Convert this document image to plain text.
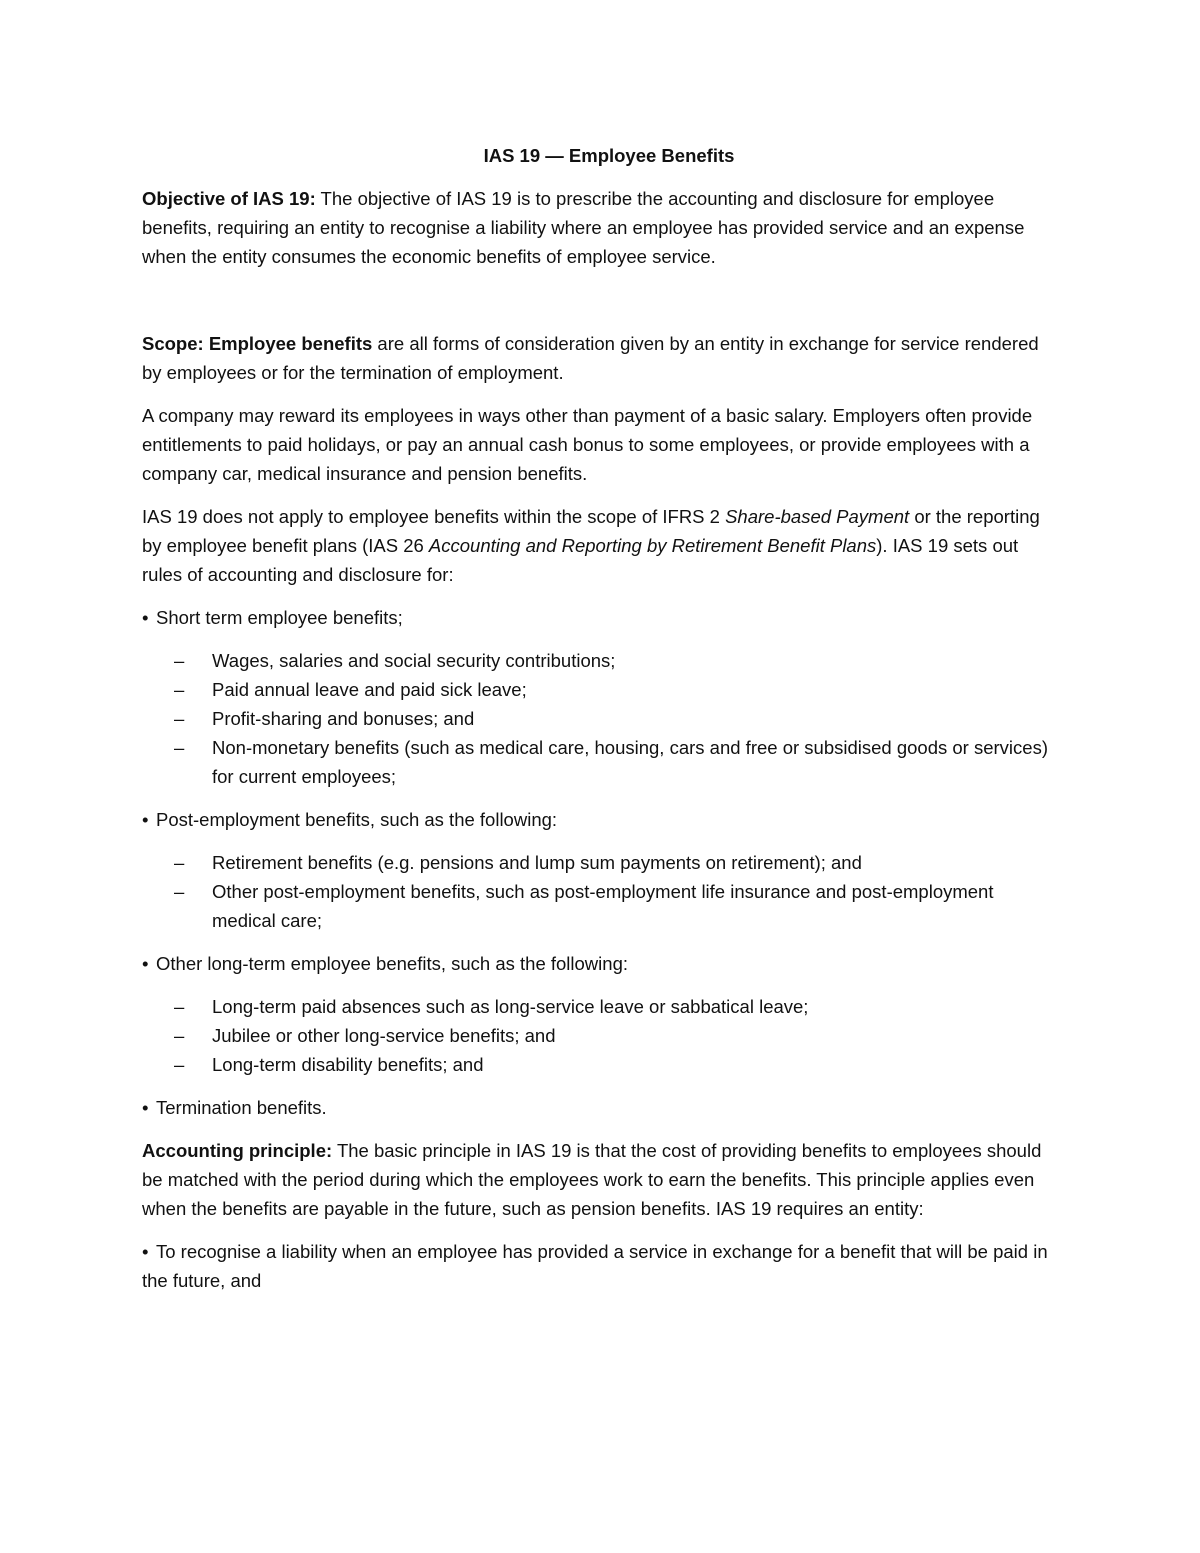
IAS 19 — Employee Benefits

Objective of IAS 19: The objective of IAS 19 is to prescribe the accounting and disclosure for employee benefits, requiring an entity to recognise a liability where an employee has provided service and an expense when the entity consumes the economic benefits of employee service.

Scope: Employee benefits are all forms of consideration given by an entity in exchange for service rendered by employees or for the termination of employment.

A company may reward its employees in ways other than payment of a basic salary. Employers often provide entitlements to paid holidays, or pay an annual cash bonus to some employees, or provide employees with a company car, medical insurance and pension benefits.

IAS 19 does not apply to employee benefits within the scope of IFRS 2 Share-based Payment or the reporting by employee benefit plans (IAS 26 Accounting and Reporting by Retirement Benefit Plans). IAS 19 sets out rules of accounting and disclosure for:

• Short term employee benefits;

– Wages, salaries and social security contributions;
– Paid annual leave and paid sick leave;
– Profit-sharing and bonuses; and
– Non-monetary benefits (such as medical care, housing, cars and free or subsidised goods or services) for current employees;

• Post-employment benefits, such as the following:

– Retirement benefits (e.g. pensions and lump sum payments on retirement); and
– Other post-employment benefits, such as post-employment life insurance and post-employment medical care;

• Other long-term employee benefits, such as the following:

– Long-term paid absences such as long-service leave or sabbatical leave;
– Jubilee or other long-service benefits; and
– Long-term disability benefits; and

• Termination benefits.

Accounting principle: The basic principle in IAS 19 is that the cost of providing benefits to employees should be matched with the period during which the employees work to earn the benefits. This principle applies even when the benefits are payable in the future, such as pension benefits. IAS 19 requires an entity:

• To recognise a liability when an employee has provided a service in exchange for a benefit that will be paid in the future, and
